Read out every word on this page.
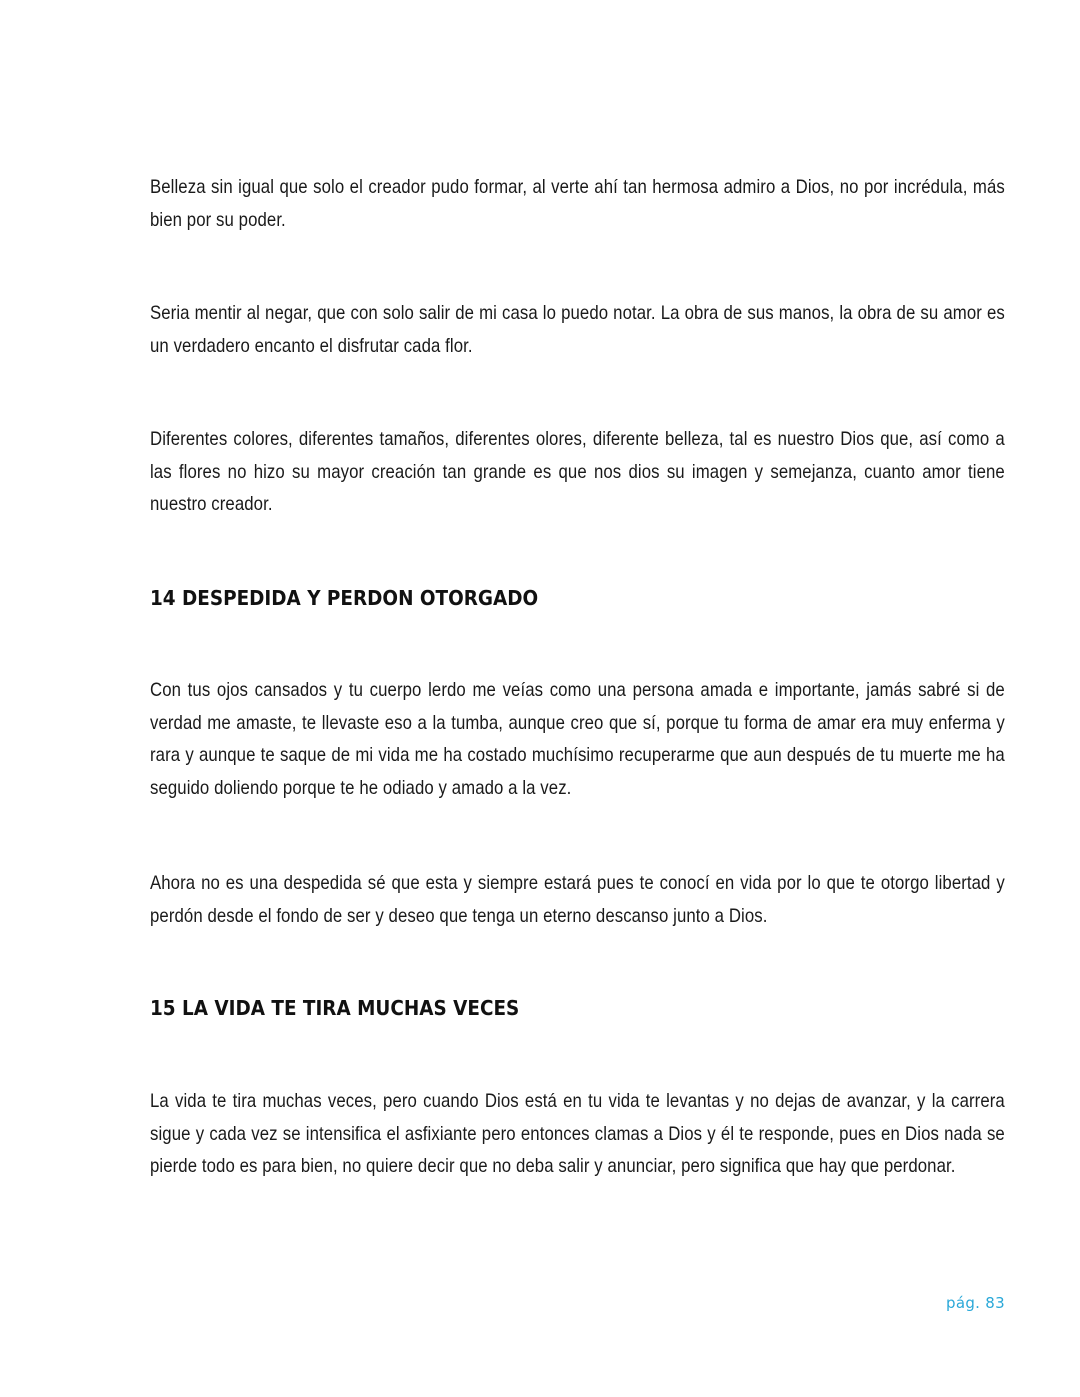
Belleza sin igual que solo el creador pudo formar, al verte ahí tan hermosa admiro a Dios, no por incrédula, más bien por su poder.

Seria mentir al negar, que con solo salir de mi casa lo puedo notar. La obra de sus manos, la obra de su amor es un verdadero encanto el disfrutar cada flor.

Diferentes colores, diferentes tamaños, diferentes olores, diferente belleza, tal es nuestro Dios que, así como a las flores no hizo su mayor creación tan grande es que nos dios su imagen y semejanza, cuanto amor tiene nuestro creador.

14 DESPEDIDA Y PERDON OTORGADO

Con tus ojos cansados y tu cuerpo lerdo me veías como una persona amada e importante, jamás sabré si de verdad me amaste, te llevaste eso a la tumba, aunque creo que sí, porque tu forma de amar era muy enferma y rara y aunque te saque de mi vida me ha costado muchísimo recuperarme que aun después de tu muerte me ha seguido doliendo porque te he odiado y amado a la vez.

Ahora no es una despedida sé que esta y siempre estará pues te conocí en vida por lo que te otorgo libertad y perdón desde el fondo de ser y deseo que tenga un eterno descanso junto a Dios.

15 LA VIDA TE TIRA MUCHAS VECES

La vida te tira muchas veces, pero cuando Dios está en tu vida te levantas y no dejas de avanzar, y la carrera sigue y cada vez se intensifica el asfixiante pero entonces clamas a Dios y él te responde, pues en Dios nada se pierde todo es para bien, no quiere decir que no deba salir y anunciar, pero significa que hay que perdonar.

pág. 83
